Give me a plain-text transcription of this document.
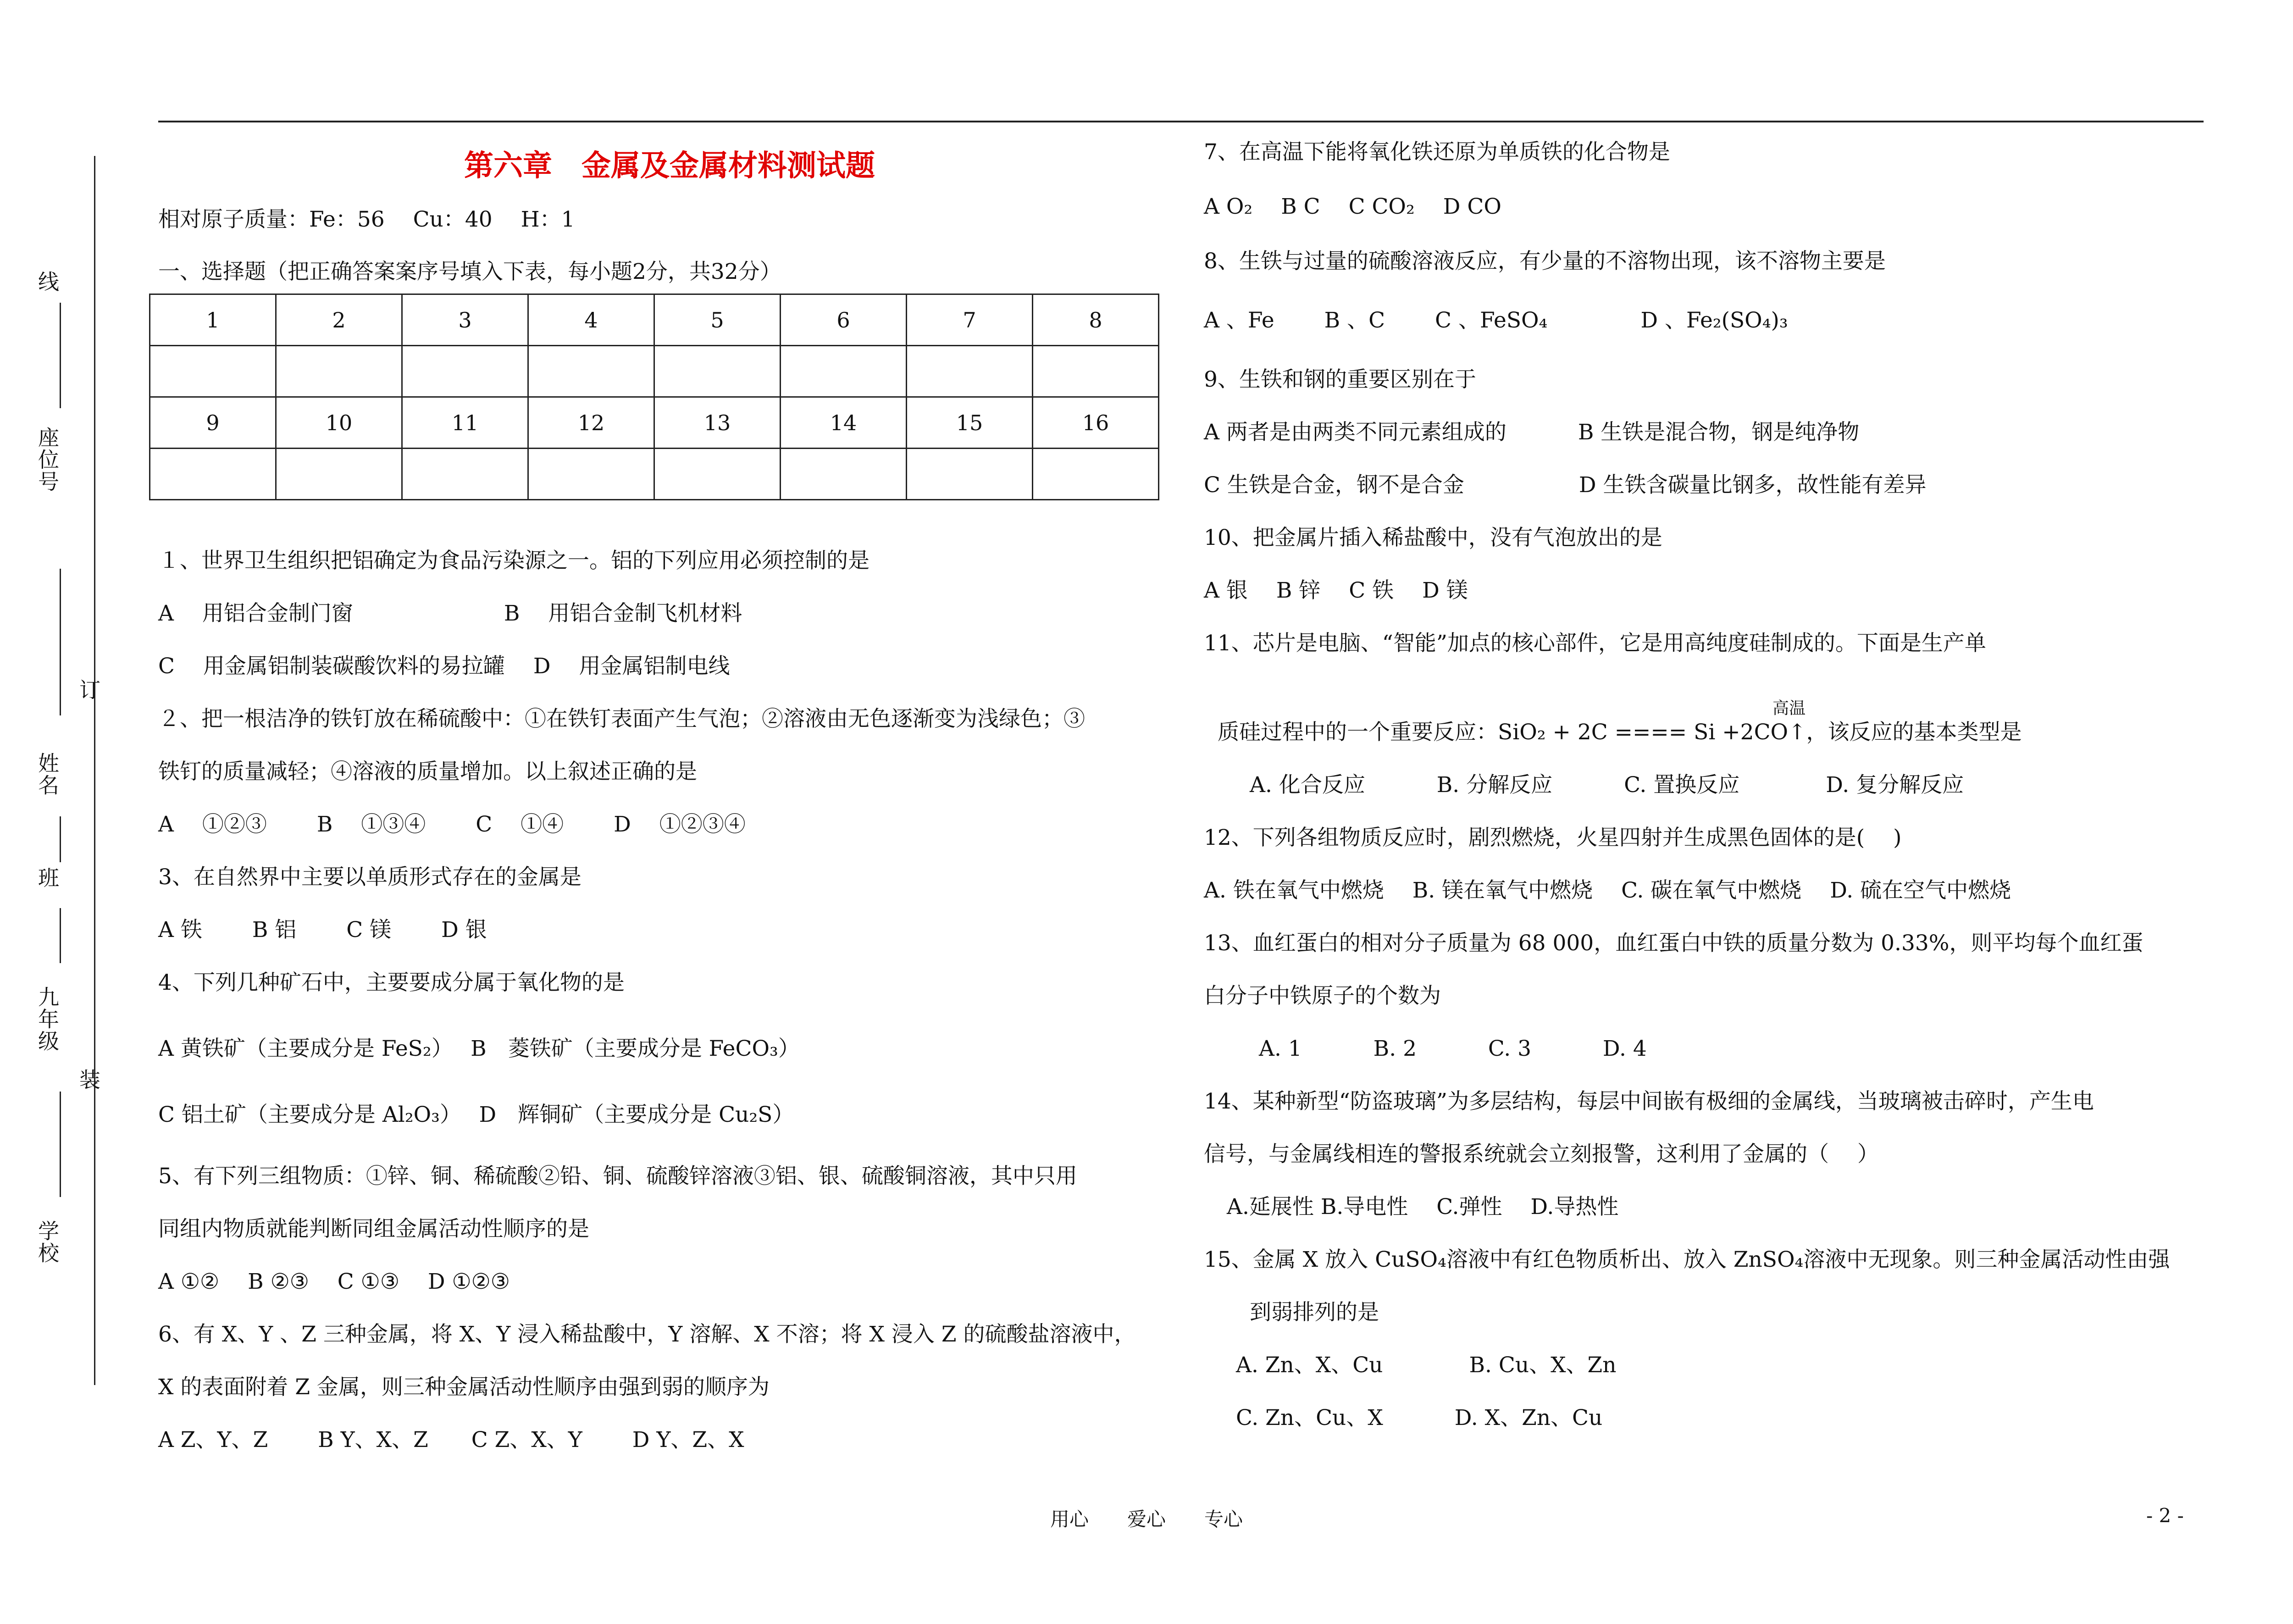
线
座位号
订
姓名
班
九年级
装
学校
第六章　金属及金属材料测试题

相对原子质量：Fe：56　 Cu：40　 H：1

一、选择题（把正确答案案序号填入下表，每小题2分，共32分）

1	2	3	4	5	6	7	8

9	10	11	12	13	14	15	16

１、世界卫生组织把铝确定为食品污染源之一。铝的下列应用必须控制的是

A　 用铝合金制门窗　　　　　　　B　 用铝合金制飞机材料

C　 用金属铝制装碳酸饮料的易拉罐　 D　 用金属铝制电线

２、把一根洁净的铁钉放在稀硫酸中：①在铁钉表面产生气泡；②溶液由无色逐渐变为浅绿色；③

铁钉的质量减轻；④溶液的质量增加。以上叙述正确的是

A　 ①②③　　 B　 ①③④　　 C　 ①④　　 D　 ①②③④

3、在自然界中主要以单质形式存在的金属是

A 铁　　 B 铝　　 C 镁　　 D 银

4、下列几种矿石中，主要要成分属于氧化物的是

A 黄铁矿（主要成分是 FeS₂）　 B　菱铁矿（主要成分是 FeCO₃）

C 铝土矿（主要成分是 Al₂O₃）　 D　辉铜矿（主要成分是 Cu₂S）

5、有下列三组物质：①锌、铜、稀硫酸②铅、铜、硫酸锌溶液③铝、银、硫酸铜溶液，其中只用

同组内物质就能判断同组金属活动性顺序的是

A ①②　 B ②③　 C ①③　 D ①②③

6、有 X、Y 、Z 三种金属，将 X、Y 浸入稀盐酸中，Y 溶解、X 不溶；将 X 浸入 Z 的硫酸盐溶液中，

X 的表面附着 Z 金属，则三种金属活动性顺序由强到弱的顺序为

A Z、Y、Z　　 B Y、X、Z　　C Z、X、Y　　 D Y、Z、X

7、在高温下能将氧化铁还原为单质铁的化合物是

A O₂　 B C　 C CO₂　 D CO

8、生铁与过量的硫酸溶液反应，有少量的不溶物出现，该不溶物主要是

A 、Fe　　 B 、C　　 C 、FeSO₄　　　　 D 、Fe₂(SO₄)₃

9、生铁和钢的重要区别在于

A 两者是由两类不同元素组成的　　　 B 生铁是混合物，钢是纯净物

C 生铁是合金，钢不是合金　　　　　 D 生铁含碳量比钢多，故性能有差异

10、把金属片插入稀盐酸中，没有气泡放出的是

A 银　 B 锌　 C 铁　 D 镁

11、芯片是电脑、“智能”加点的核心部件，它是用高纯度硅制成的。下面是生产单

高温

质硅过程中的一个重要反应：SiO₂ + 2C ==== Si +2CO↑，该反应的基本类型是

A. 化合反应　　　 B. 分解反应　　　 C. 置换反应　　　　D. 复分解反应

12、下列各组物质反应时，剧烈燃烧，火星四射并生成黑色固体的是(　 )

A. 铁在氧气中燃烧　 B. 镁在氧气中燃烧　 C. 碳在氧气中燃烧　 D. 硫在空气中燃烧

13、血红蛋白的相对分子质量为 68 000，血红蛋白中铁的质量分数为 0.33%，则平均每个血红蛋

白分子中铁原子的个数为

A. 1　　　 B. 2　　　 C. 3　　　 D. 4

14、某种新型“防盗玻璃”为多层结构，每层中间嵌有极细的金属线，当玻璃被击碎时，产生电

信号，与金属线相连的警报系统就会立刻报警，这利用了金属的（　 ）

A.延展性 B.导电性　 C.弹性　 D.导热性

15、金属 X 放入 CuSO₄溶液中有红色物质析出、放入 ZnSO₄溶液中无现象。则三种金属活动性由强

到弱排列的是

A. Zn、X、Cu　　　　B. Cu、X、Zn

C. Zn、Cu、X　　　 D. X、Zn、Cu

用心　　爱心　　专心	- 2 -
